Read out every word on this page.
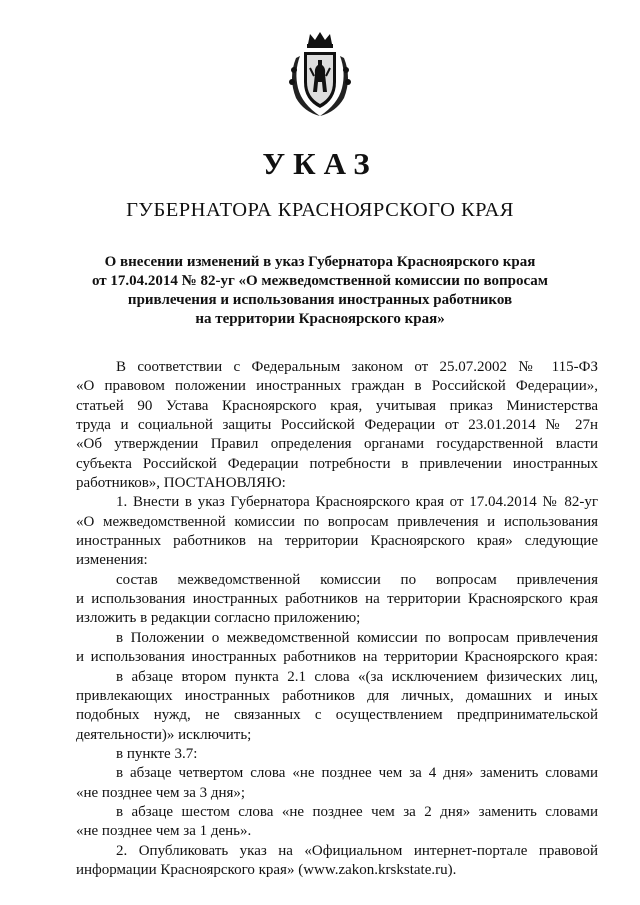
УКАЗ
ГУБЕРНАТОРА КРАСНОЯРСКОГО КРАЯ
О внесении изменений в указ Губернатора Красноярского края
от 17.04.2014 № 82-уг «О межведомственной комиссии по вопросам
привлечения и использования иностранных работников
на территории Красноярского края»
В соответствии с Федеральным законом от 25.07.2002 № 115-ФЗ
«О правовом положении иностранных граждан в Российской Федерации»,
статьей 90 Устава Красноярского края, учитывая приказ Министерства
труда и социальной защиты Российской Федерации от 23.01.2014 № 27н
«Об утверждении Правил определения органами государственной власти
субъекта Российской Федерации потребности в привлечении иностранных
работников», ПОСТАНОВЛЯЮ:
1. Внести в указ Губернатора Красноярского края от 17.04.2014 № 82-уг
«О межведомственной комиссии по вопросам привлечения и использования
иностранных работников на территории Красноярского края» следующие
изменения:
состав межведомственной комиссии по вопросам привлечения
и использования иностранных работников на территории Красноярского края
изложить в редакции согласно приложению;
в Положении о межведомственной комиссии по вопросам привлечения
и использования иностранных работников на территории Красноярского края:
в абзаце втором пункта 2.1 слова «(за исключением физических лиц,
привлекающих иностранных работников для личных, домашних и иных
подобных нужд, не связанных с осуществлением предпринимательской
деятельности)» исключить;
в пункте 3.7:
в абзаце четвертом слова «не позднее чем за 4 дня» заменить словами
«не позднее чем за 3 дня»;
в абзаце шестом слова «не позднее чем за 2 дня» заменить словами
«не позднее чем за 1 день».
2. Опубликовать указ на «Официальном интернет-портале правовой
информации Красноярского края» (www.zakon.krskstate.ru).
